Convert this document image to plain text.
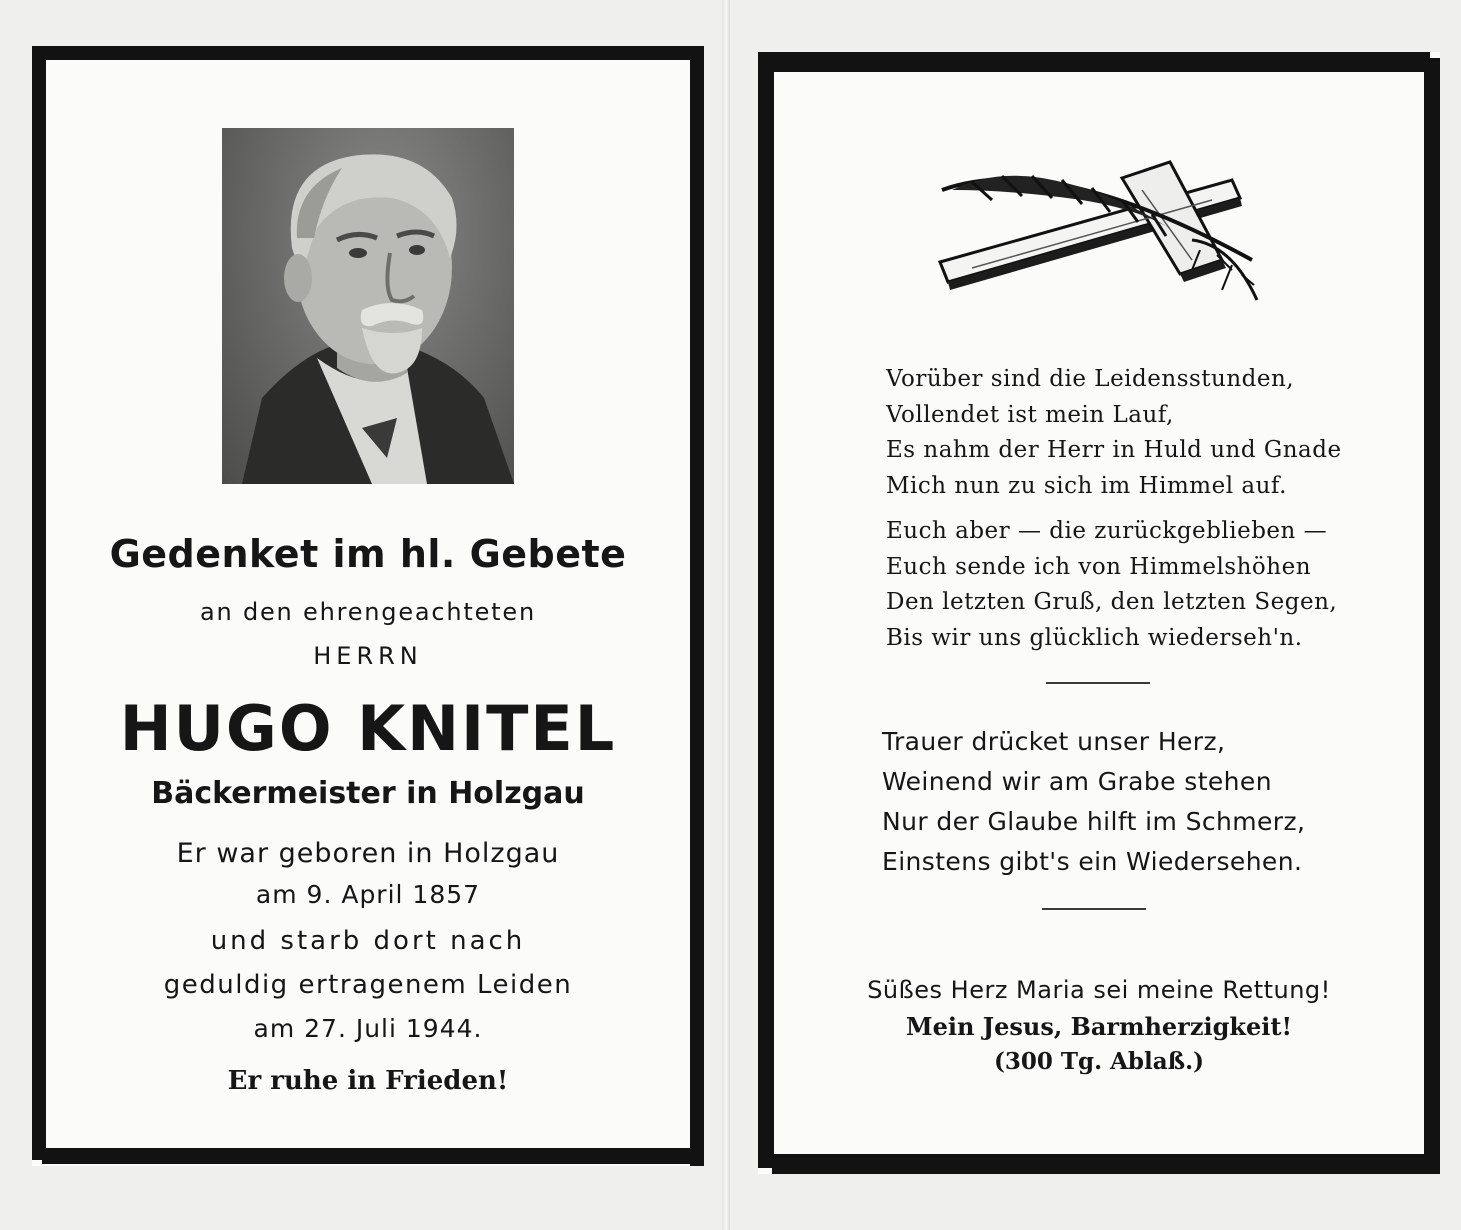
Gedenket im hl. Gebete
an den ehrengeachteten
HERRN
HUGO KNITEL
Bäckermeister in Holzgau
Er war geboren in Holzgau
am 9. April 1857
und starb dort nach
geduldig ertragenem Leiden
am 27. Juli 1944.
Er ruhe in Frieden!
Vorüber sind die Leidensstunden,
Vollendet ist mein Lauf,
Es nahm der Herr in Huld und Gnade
Mich nun zu sich im Himmel auf.
Euch aber — die zurückgeblieben —
Euch sende ich von Himmelshöhen
Den letzten Gruß, den letzten Segen,
Bis wir uns glücklich wiederseh'n.
Trauer drücket unser Herz,
Weinend wir am Grabe stehen
Nur der Glaube hilft im Schmerz,
Einstens gibt's ein Wiedersehen.
Süßes Herz Maria sei meine Rettung!
Mein Jesus, Barmherzigkeit!
(300 Tg. Ablaß.)
